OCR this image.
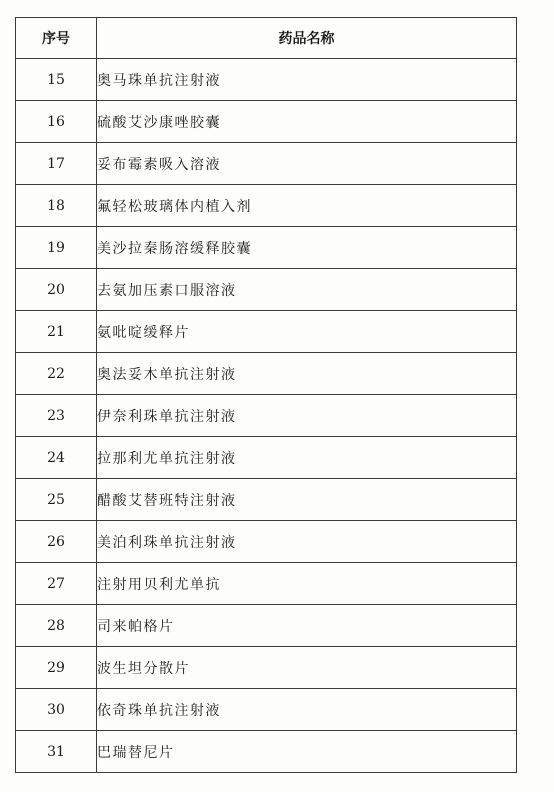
序号	药品名称
15	奥马珠单抗注射液
16	硫酸艾沙康唑胶囊
17	妥布霉素吸入溶液
18	氟轻松玻璃体内植入剂
19	美沙拉秦肠溶缓释胶囊
20	去氨加压素口服溶液
21	氨吡啶缓释片
22	奥法妥木单抗注射液
23	伊奈利珠单抗注射液
24	拉那利尤单抗注射液
25	醋酸艾替班特注射液
26	美泊利珠单抗注射液
27	注射用贝利尤单抗
28	司来帕格片
29	波生坦分散片
30	依奇珠单抗注射液
31	巴瑞替尼片
